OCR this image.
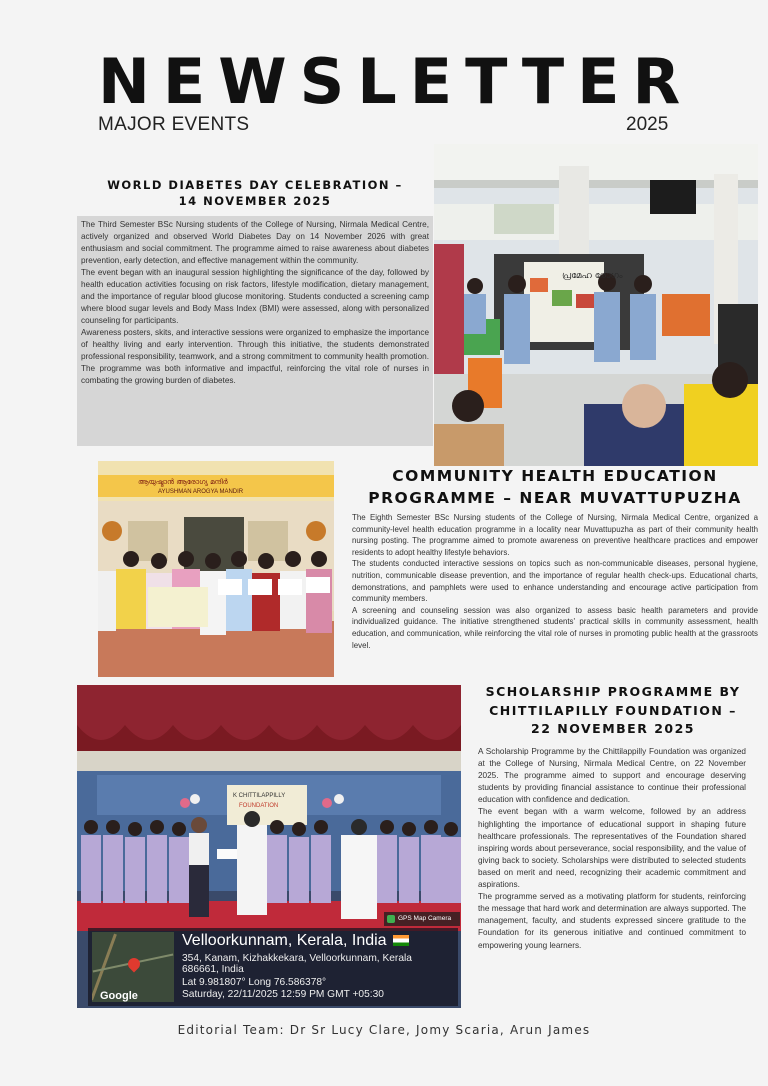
NEWSLETTER
MAJOR EVENTS	2025
WORLD DIABETES DAY CELEBRATION –
14 NOVEMBER 2025

The Third Semester BSc Nursing students of the College of Nursing, Nirmala Medical Centre, actively organized and observed World Diabetes Day on 14 November 2026 with great enthusiasm and social commitment. The programme aimed to raise awareness about diabetes prevention, early detection, and effective management within the community.

The event began with an inaugural session highlighting the significance of the day, followed by health education activities focusing on risk factors, lifestyle modification, dietary management, and the importance of regular blood glucose monitoring. Students conducted a screening camp where blood sugar levels and Body Mass Index (BMI) were assessed, along with personalized counseling for participants.

Awareness posters, skits, and interactive sessions were organized to emphasize the importance of healthy living and early intervention. Through this initiative, the students demonstrated professional responsibility, teamwork, and a strong commitment to community health promotion. The programme was both informative and impactful, reinforcing the vital role of nurses in combating the growing burden of diabetes.

പ്രമേഹ രോഗം
COMMUNITY HEALTH EDUCATION
PROGRAMME – NEAR MUVATTUPUZHA

The Eighth Semester BSc Nursing students of the College of Nursing, Nirmala Medical Centre, organized a community-level health education programme in a locality near Muvattupuzha as part of their community health nursing posting. The programme aimed to promote awareness on preventive healthcare practices and empower residents to adopt healthy lifestyle behaviors.

The students conducted interactive sessions on topics such as non-communicable diseases, personal hygiene, nutrition, communicable disease prevention, and the importance of regular health check-ups. Educational charts, demonstrations, and pamphlets were used to enhance understanding and encourage active participation from community members.

A screening and counseling session was also organized to assess basic health parameters and provide individualized guidance. The initiative strengthened students' practical skills in community assessment, health education, and communication, while reinforcing the vital role of nurses in promoting public health at the grassroots level.

ആയുഷ്മാൻ ആരോഗ്യ മന്ദിർ
AYUSHMAN AROGYA MANDIR
SCHOLARSHIP PROGRAMME BY
CHITTILAPILLY FOUNDATION –
22 NOVEMBER 2025

A Scholarship Programme by the Chittilappilly Foundation was organized at the College of Nursing, Nirmala Medical Centre, on 22 November 2025. The programme aimed to support and encourage deserving students by providing financial assistance to continue their professional education with confidence and dedication.

The event began with a warm welcome, followed by an address highlighting the importance of educational support in shaping future healthcare professionals. The representatives of the Foundation shared inspiring words about perseverance, social responsibility, and the value of giving back to society. Scholarships were distributed to selected students based on merit and need, recognizing their academic commitment and aspirations.

The programme served as a motivating platform for students, reinforcing the message that hard work and determination are always supported. The management, faculty, and students expressed sincere gratitude to the Foundation for its generous initiative and continued commitment to empowering young learners.

K CHITTILAPPILLY
FOUNDATION
GPS Map Camera
Google
Velloorkunnam, Kerala, India
354, Kanam, Kizhakkekara, Velloorkunnam, Kerala
686661, India
Lat 9.981807° Long 76.586378°
Saturday, 22/11/2025 12:59 PM GMT +05:30
Editorial Team: Dr Sr Lucy Clare, Jomy Scaria, Arun James
